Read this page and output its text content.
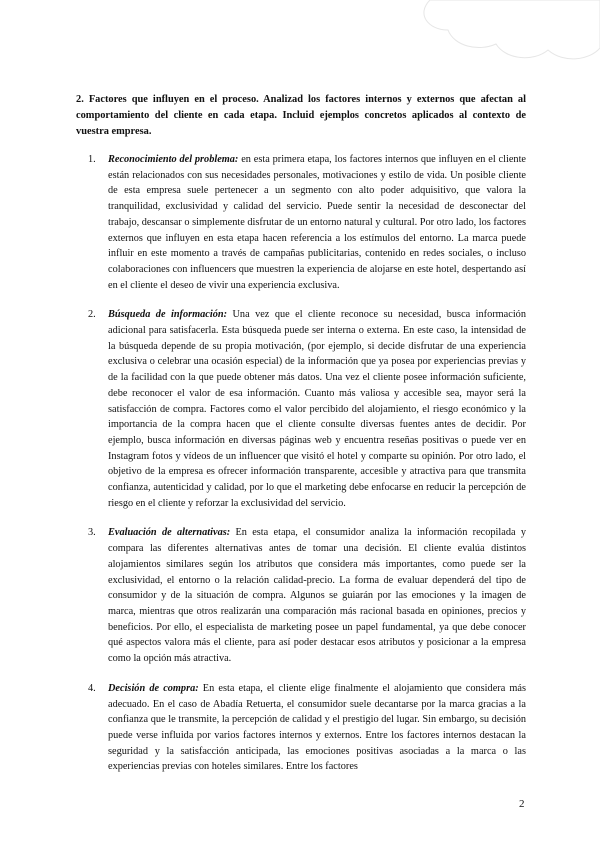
2. Factores que influyen en el proceso. Analizad los factores internos y externos que afectan al comportamiento del cliente en cada etapa. Incluid ejemplos concretos aplicados al contexto de vuestra empresa.

1. Reconocimiento del problema: en esta primera etapa, los factores internos que influyen en el cliente están relacionados con sus necesidades personales, motivaciones y estilo de vida. Un posible cliente de esta empresa suele pertenecer a un segmento con alto poder adquisitivo, que valora la tranquilidad, exclusividad y calidad del servicio. Puede sentir la necesidad de desconectar del trabajo, descansar o simplemente disfrutar de un entorno natural y cultural. Por otro lado, los factores externos que influyen en esta etapa hacen referencia a los estímulos del entorno. La marca puede influir en este momento a través de campañas publicitarias, contenido en redes sociales, o incluso colaboraciones con influencers que muestren la experiencia de alojarse en este hotel, despertando así en el cliente el deseo de vivir una experiencia exclusiva.
2. Búsqueda de información: Una vez que el cliente reconoce su necesidad, busca información adicional para satisfacerla. Esta búsqueda puede ser interna o externa. En este caso, la intensidad de la búsqueda depende de su propia motivación, (por ejemplo, si decide disfrutar de una experiencia exclusiva o celebrar una ocasión especial) de la información que ya posea por experiencias previas y de la facilidad con la que puede obtener más datos. Una vez el cliente posee información suficiente, debe reconocer el valor de esa información. Cuanto más valiosa y accesible sea, mayor será la satisfacción de compra. Factores como el valor percibido del alojamiento, el riesgo económico y la importancia de la compra hacen que el cliente consulte diversas fuentes antes de decidir. Por ejemplo, busca información en diversas páginas web y encuentra reseñas positivas o puede ver en Instagram fotos y vídeos de un influencer que visitó el hotel y comparte su opinión. Por otro lado, el objetivo de la empresa es ofrecer información transparente, accesible y atractiva para que transmita confianza, autenticidad y calidad, por lo que el marketing debe enfocarse en reducir la percepción de riesgo en el cliente y reforzar la exclusividad del servicio.
3. Evaluación de alternativas: En esta etapa, el consumidor analiza la información recopilada y compara las diferentes alternativas antes de tomar una decisión. El cliente evalúa distintos alojamientos similares según los atributos que considera más importantes, como puede ser la exclusividad, el entorno o la relación calidad-precio. La forma de evaluar dependerá del tipo de consumidor y de la situación de compra. Algunos se guiarán por las emociones y la imagen de marca, mientras que otros realizarán una comparación más racional basada en opiniones, precios y beneficios. Por ello, el especialista de marketing posee un papel fundamental, ya que debe conocer qué aspectos valora más el cliente, para así poder destacar esos atributos y posicionar a la empresa como la opción más atractiva.
4. Decisión de compra: En esta etapa, el cliente elige finalmente el alojamiento que considera más adecuado. En el caso de Abadía Retuerta, el consumidor suele decantarse por la marca gracias a la confianza que le transmite, la percepción de calidad y el prestigio del lugar. Sin embargo, su decisión puede verse influida por varios factores internos y externos. Entre los factores internos destacan la seguridad y la satisfacción anticipada, las emociones positivas asociadas a la marca o las experiencias previas con hoteles similares. Entre los factores
2
